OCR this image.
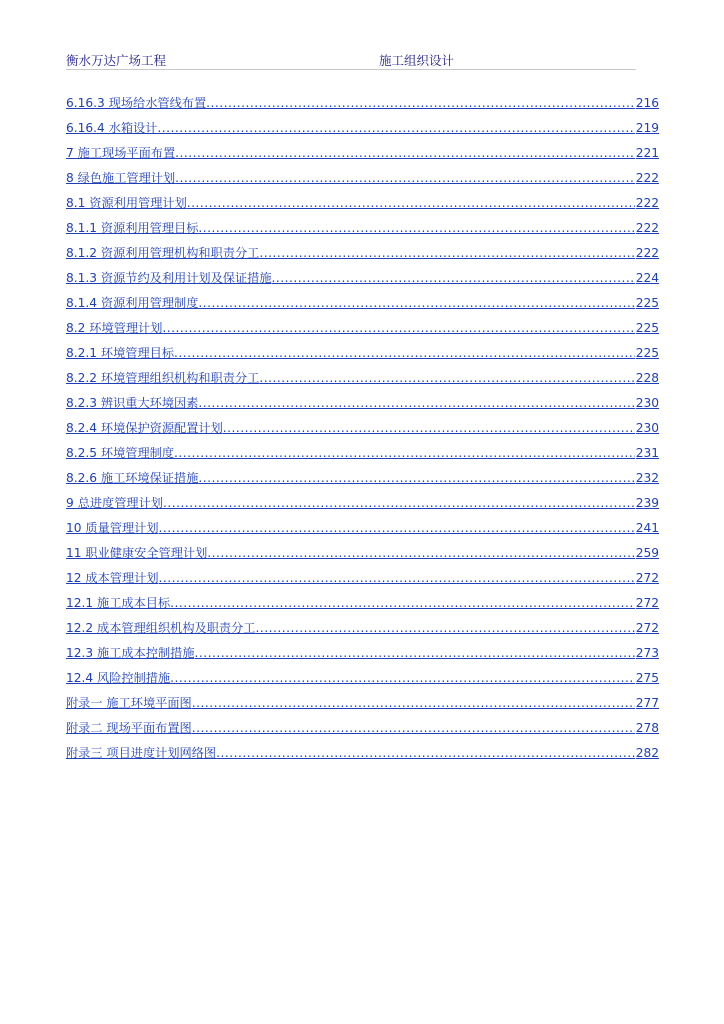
衡水万达广场工程	施工组织设计
6.16.3 现场给水管线布置 .....	216
6.16.4 水箱设计 .....	219
7 施工现场平面布置 .....	221
8 绿色施工管理计划 .....	222
8.1 资源利用管理计划 .....	222
8.1.1 资源利用管理目标 .....	222
8.1.2 资源利用管理机构和职责分工 .....	222
8.1.3 资源节约及利用计划及保证措施 .....	224
8.1.4 资源利用管理制度 .....	225
8.2 环境管理计划 .....	225
8.2.1 环境管理目标 .....	225
8.2.2 环境管理组织机构和职责分工 .....	228
8.2.3 辨识重大环境因素 .....	230
8.2.4 环境保护资源配置计划 .....	230
8.2.5 环境管理制度 .....	231
8.2.6 施工环境保证措施 .....	232
9 总进度管理计划 .....	239
10 质量管理计划 .....	241
11 职业健康安全管理计划 .....	259
12 成本管理计划 .....	272
12.1 施工成本目标 .....	272
12.2 成本管理组织机构及职责分工 .....	272
12.3 施工成本控制措施 .....	273
12.4 风险控制措施 .....	275
附录一 施工环境平面图 .....	277
附录二 现场平面布置图 .....	278
附录三 项目进度计划网络图 .....	282
